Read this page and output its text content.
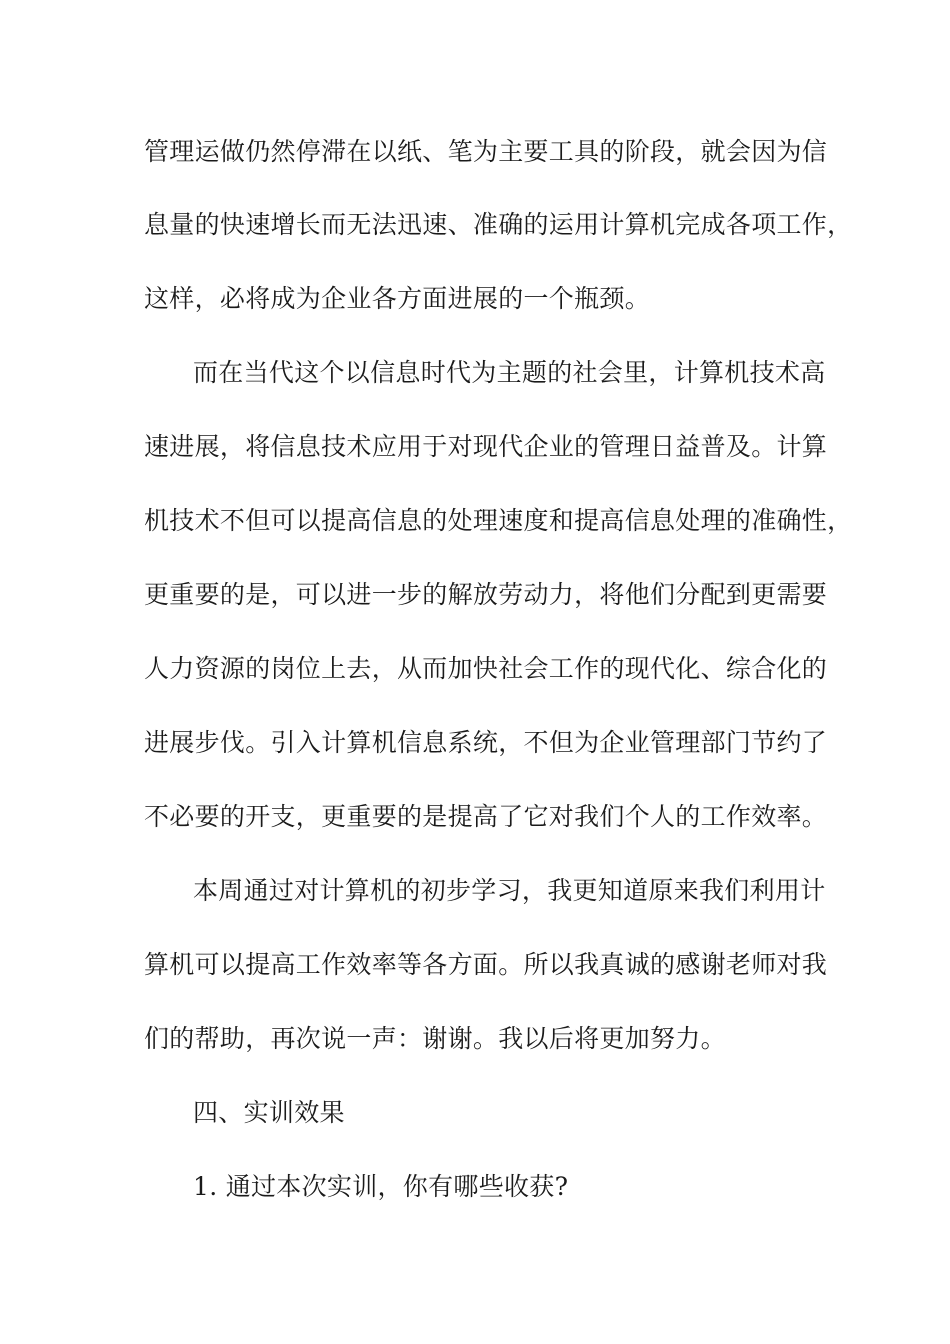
管理运做仍然停滞在以纸、笔为主要工具的阶段，就会因为信
息量的快速增长而无法迅速、准确的运用计算机完成各项工作，
这样，必将成为企业各方面进展的一个瓶颈。
而在当代这个以信息时代为主题的社会里，计算机技术高
速进展，将信息技术应用于对现代企业的管理日益普及。计算
机技术不但可以提高信息的处理速度和提高信息处理的准确性，
更重要的是，可以进一步的解放劳动力，将他们分配到更需要
人力资源的岗位上去，从而加快社会工作的现代化、综合化的
进展步伐。引入计算机信息系统，不但为企业管理部门节约了
不必要的开支，更重要的是提高了它对我们个人的工作效率。
本周通过对计算机的初步学习，我更知道原来我们利用计
算机可以提高工作效率等各方面。所以我真诚的感谢老师对我
们的帮助，再次说一声：谢谢。我以后将更加努力。
四、实训效果
1. 通过本次实训，你有哪些收获?
